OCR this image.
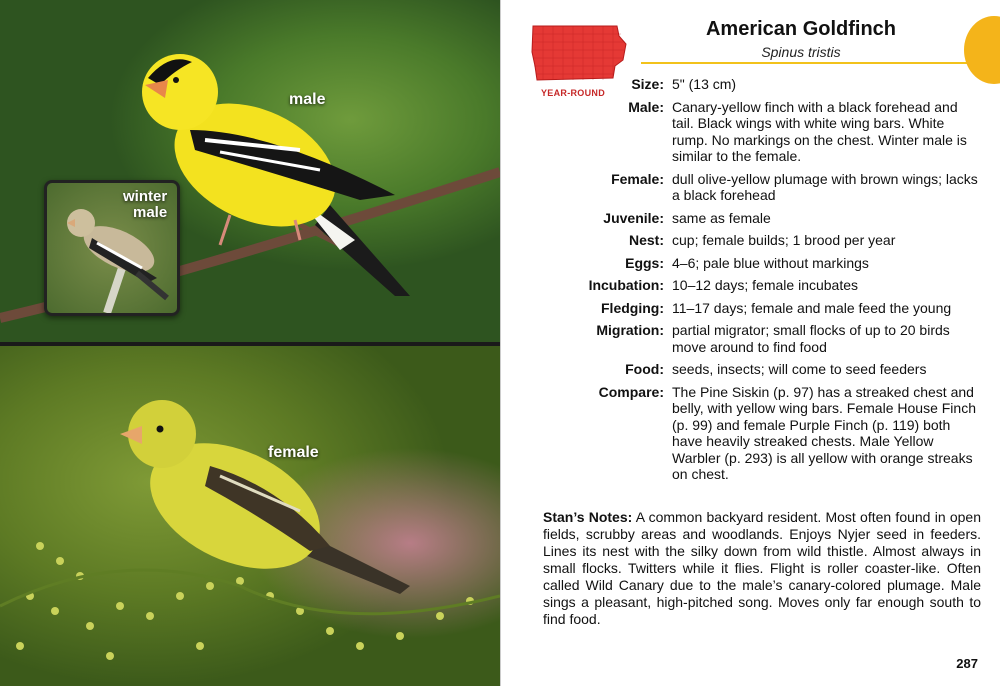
male
winter
male
female
YEAR-ROUND
American Goldfinch
Spinus tristis
Size: 5" (13 cm)
Male: Canary-yellow finch with a black forehead and tail. Black wings with white wing bars. White rump. No markings on the chest. Winter male is similar to the female.
Female: dull olive-yellow plumage with brown wings; lacks a black forehead
Juvenile: same as female
Nest: cup; female builds; 1 brood per year
Eggs: 4–6; pale blue without markings
Incubation: 10–12 days; female incubates
Fledging: 11–17 days; female and male feed the young
Migration: partial migrator; small flocks of up to 20 birds move around to find food
Food: seeds, insects; will come to seed feeders
Compare: The Pine Siskin (p. 97) has a streaked chest and belly, with yellow wing bars. Female House Finch (p. 99) and female Purple Finch (p. 119) both have heavily streaked chests. Male Yellow Warbler (p. 293) is all yellow with orange streaks on chest.
Stan’s Notes: A common backyard resident. Most often found in open fields, scrubby areas and woodlands. Enjoys Nyjer seed in feeders. Lines its nest with the silky down from wild thistle. Almost always in small flocks. Twitters while it flies. Flight is roller coaster-like. Often called Wild Canary due to the male’s canary-colored plumage. Male sings a pleasant, high-pitched song. Moves only far enough south to find food.
287
